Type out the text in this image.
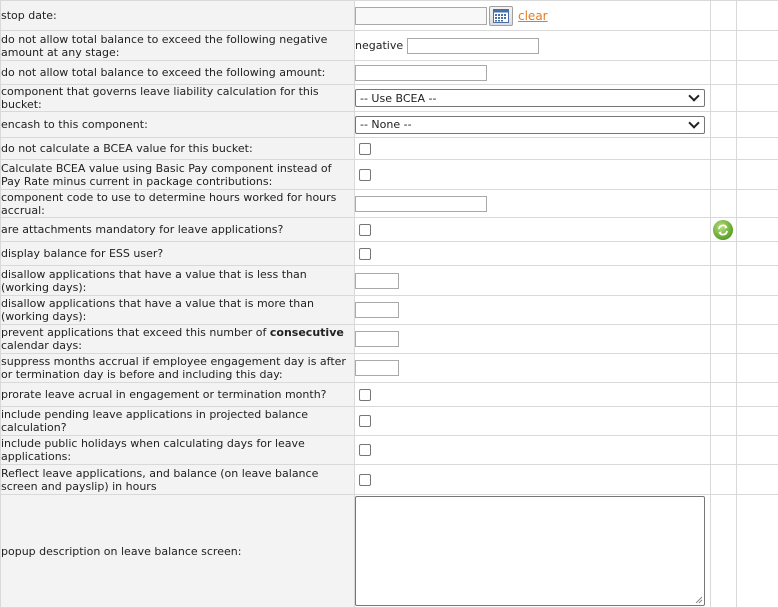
stop date:	clear		

do not allow total balance to exceed the following negative amount at any stage:	negative		

do not allow total balance to exceed the following amount:			
component that governs leave liability calculation for this bucket:	-- Use BCEA --		

encash to this component:	-- None --		

do not calculate a BCEA value for this bucket:	

Calculate BCEA value using Basic Pay component instead of Pay Rate minus current in package contributions:	

component code to use to determine hours worked for hours accrual:			
are attachments mandatory for leave applications?	

display balance for ESS user?	

disallow applications that have a value that is less than (working days):			
disallow applications that have a value that is more than (working days):			
prevent applications that exceed this number of consecutive calendar days:			
suppress months accrual if employee engagement day is after or termination day is before and including this day:			
prorate leave acrual in engagement or termination month?	

include pending leave applications in projected balance calculation?	

include public holidays when calculating days for leave applications:	

Reflect leave applications, and balance (on leave balance screen and payslip) in hours	

popup description on leave balance screen:	
